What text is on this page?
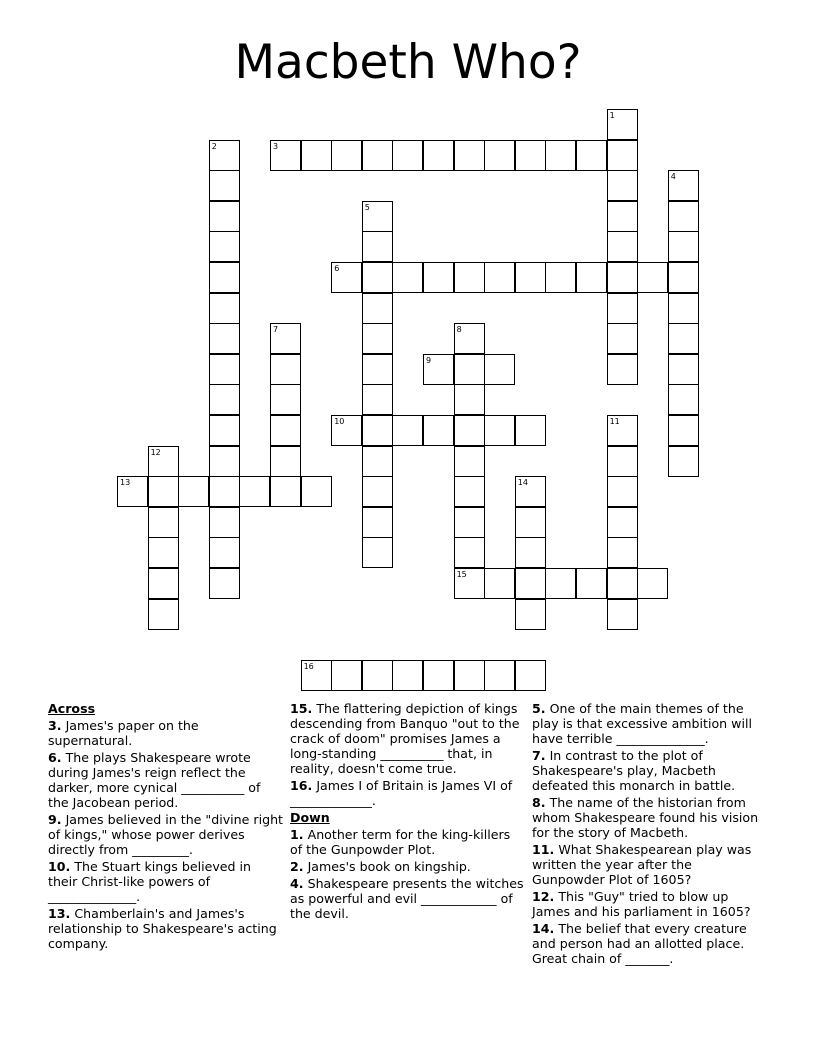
Macbeth Who?
1
2	3
4
5
6
7	8
15
9
10	11
12
13	14
16
Across
3. James's paper on the supernatural.
6. The plays Shakespeare wrote during James's reign reflect the darker, more cynical __________ of the Jacobean period.
9. James believed in the "divine right of kings," whose power derives directly from _________.
10. The Stuart kings believed in their Christ-like powers of ______________.
13. Chamberlain's and James's relationship to Shakespeare's acting company.
15. The flattering depiction of kings descending from Banquo "out to the crack of doom" promises James a long-standing __________ that, in reality, doesn't come true.
16. James I of Britain is James VI of _____________.
Down
1. Another term for the king-killers of the Gunpowder Plot.
2. James's book on kingship.
4. Shakespeare presents the witches as powerful and evil ____________ of the devil.
5. One of the main themes of the play is that excessive ambition will have terrible ______________.
7. In contrast to the plot of Shakespeare's play, Macbeth defeated this monarch in battle.
8. The name of the historian from whom Shakespeare found his vision for the story of Macbeth.
11. What Shakespearean play was written the year after the Gunpowder Plot of 1605?
12. This "Guy" tried to blow up James and his parliament in 1605?
14. The belief that every creature and person had an allotted place. Great chain of _______.
